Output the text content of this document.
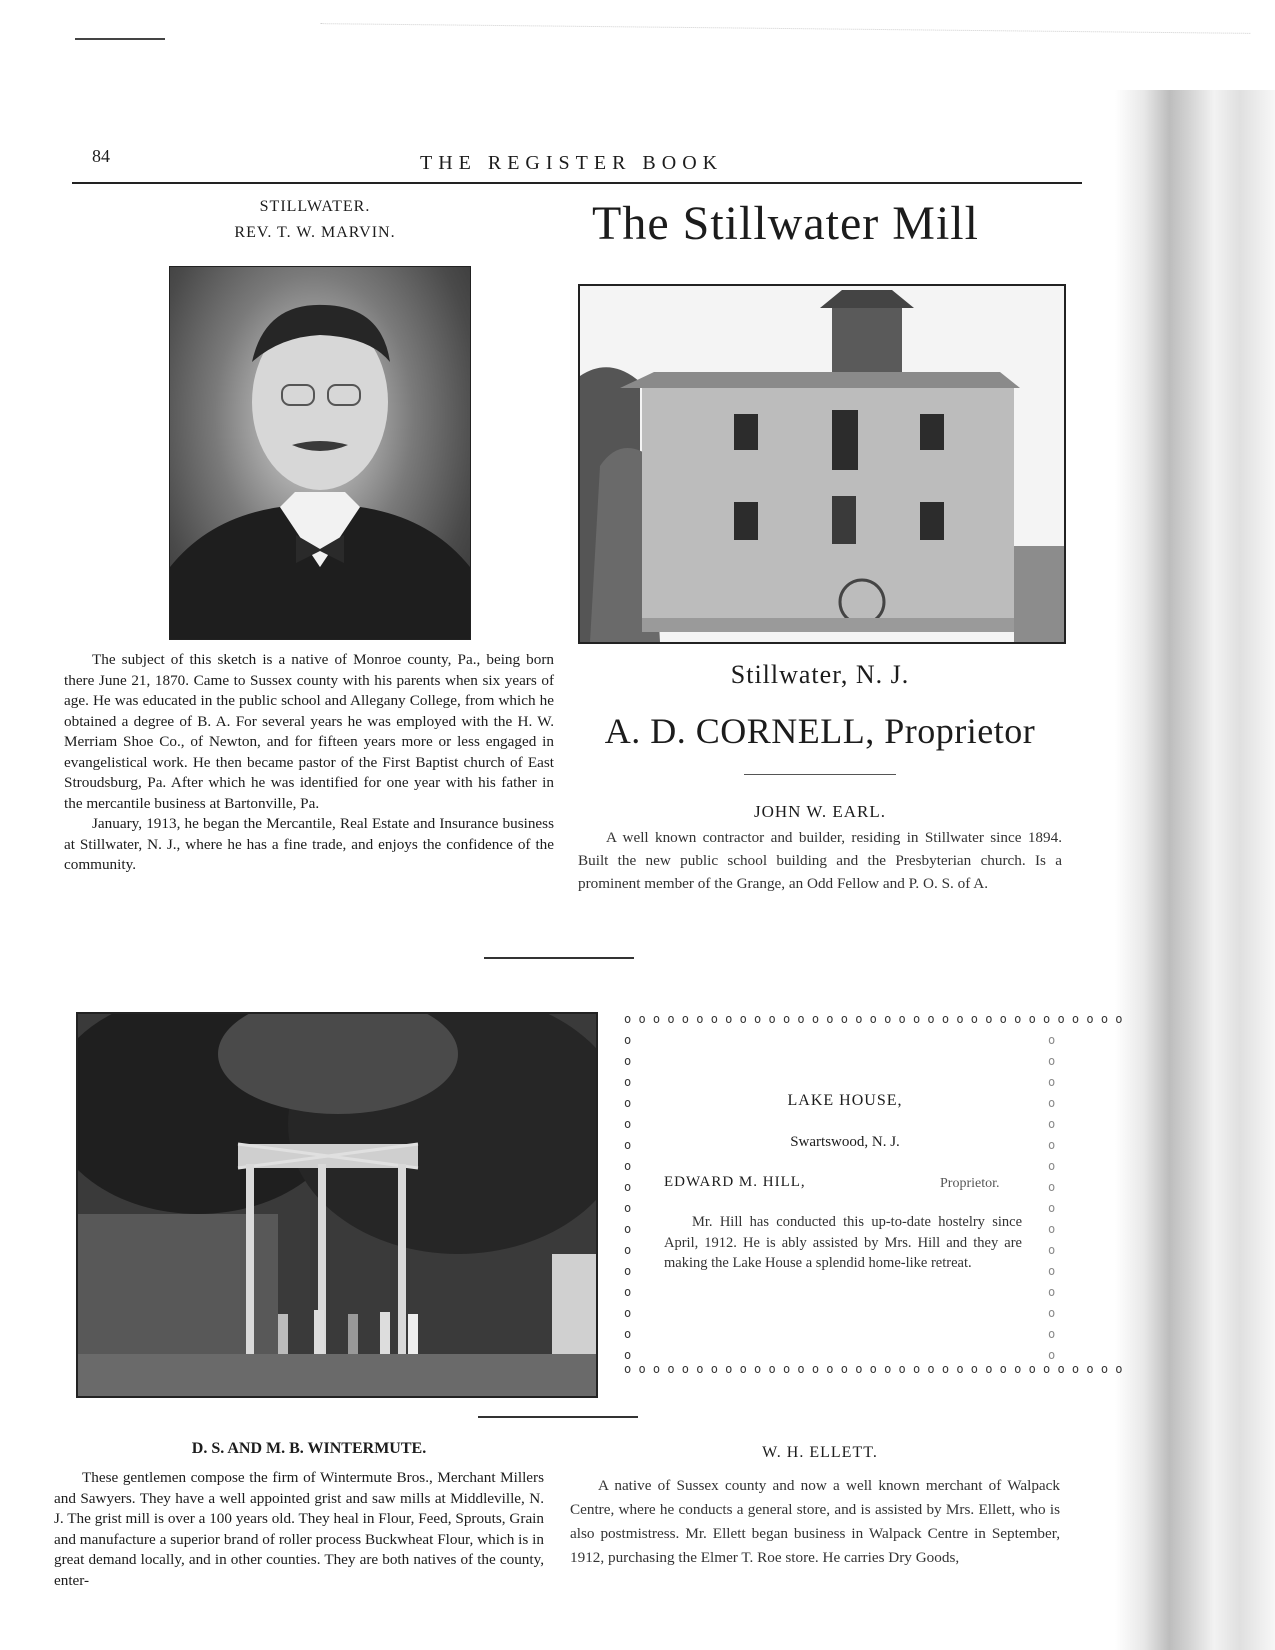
84	THE REGISTER BOOK
STILLWATER.
REV. T. W. MARVIN.

The subject of this sketch is a native of Monroe county, Pa., being born there June 21, 1870. Came to Sussex county with his parents when six years of age. He was educated in the public school and Allegany College, from which he obtained a degree of B. A. For several years he was employed with the H. W. Merriam Shoe Co., of Newton, and for fifteen years more or less engaged in evangelistical work. He then became pastor of the First Baptist church of East Stroudsburg, Pa. After which he was identified for one year with his father in the mercantile business at Bartonville, Pa.

January, 1913, he began the Mercantile, Real Estate and Insurance business at Stillwater, N. J., where he has a fine trade, and enjoys the confidence of the community.

The Stillwater Mill
Stillwater, N. J.
A. D. CORNELL, Proprietor
JOHN W. EARL.

A well known contractor and builder, residing in Stillwater since 1894. Built the new public school building and the Presbyterian church. Is a prominent member of the Grange, an Odd Fellow and P. O. S. of A.

o o o o o o o o o o o o o o o o o o o o o o o o o o o o o o o o o o o
o o o o o o o o o o o o o o o o o o o o o o o o o o o o o o o o o o o
o o o o o o o o o o o o o o o o
o o o o o o o o o o o o o o o o
LAKE HOUSE,
Swartswood, N. J.
EDWARD M. HILL,	Proprietor.

Mr. Hill has conducted this up-to-date hostelry since April, 1912. He is ably assisted by Mrs. Hill and they are making the Lake House a splendid home-like retreat.

D. S. AND M. B. WINTERMUTE.

These gentlemen compose the firm of Wintermute Bros., Merchant Millers and Sawyers. They have a well appointed grist and saw mills at Middleville, N. J. The grist mill is over a 100 years old. They heal in Flour, Feed, Sprouts, Grain and manufacture a superior brand of roller process Buckwheat Flour, which is in great demand locally, and in other counties. They are both natives of the county, enter-

W. H. ELLETT.

A native of Sussex county and now a well known merchant of Walpack Centre, where he conducts a general store, and is assisted by Mrs. Ellett, who is also postmistress. Mr. Ellett began business in Walpack Centre in September, 1912, purchasing the Elmer T. Roe store. He carries Dry Goods,
